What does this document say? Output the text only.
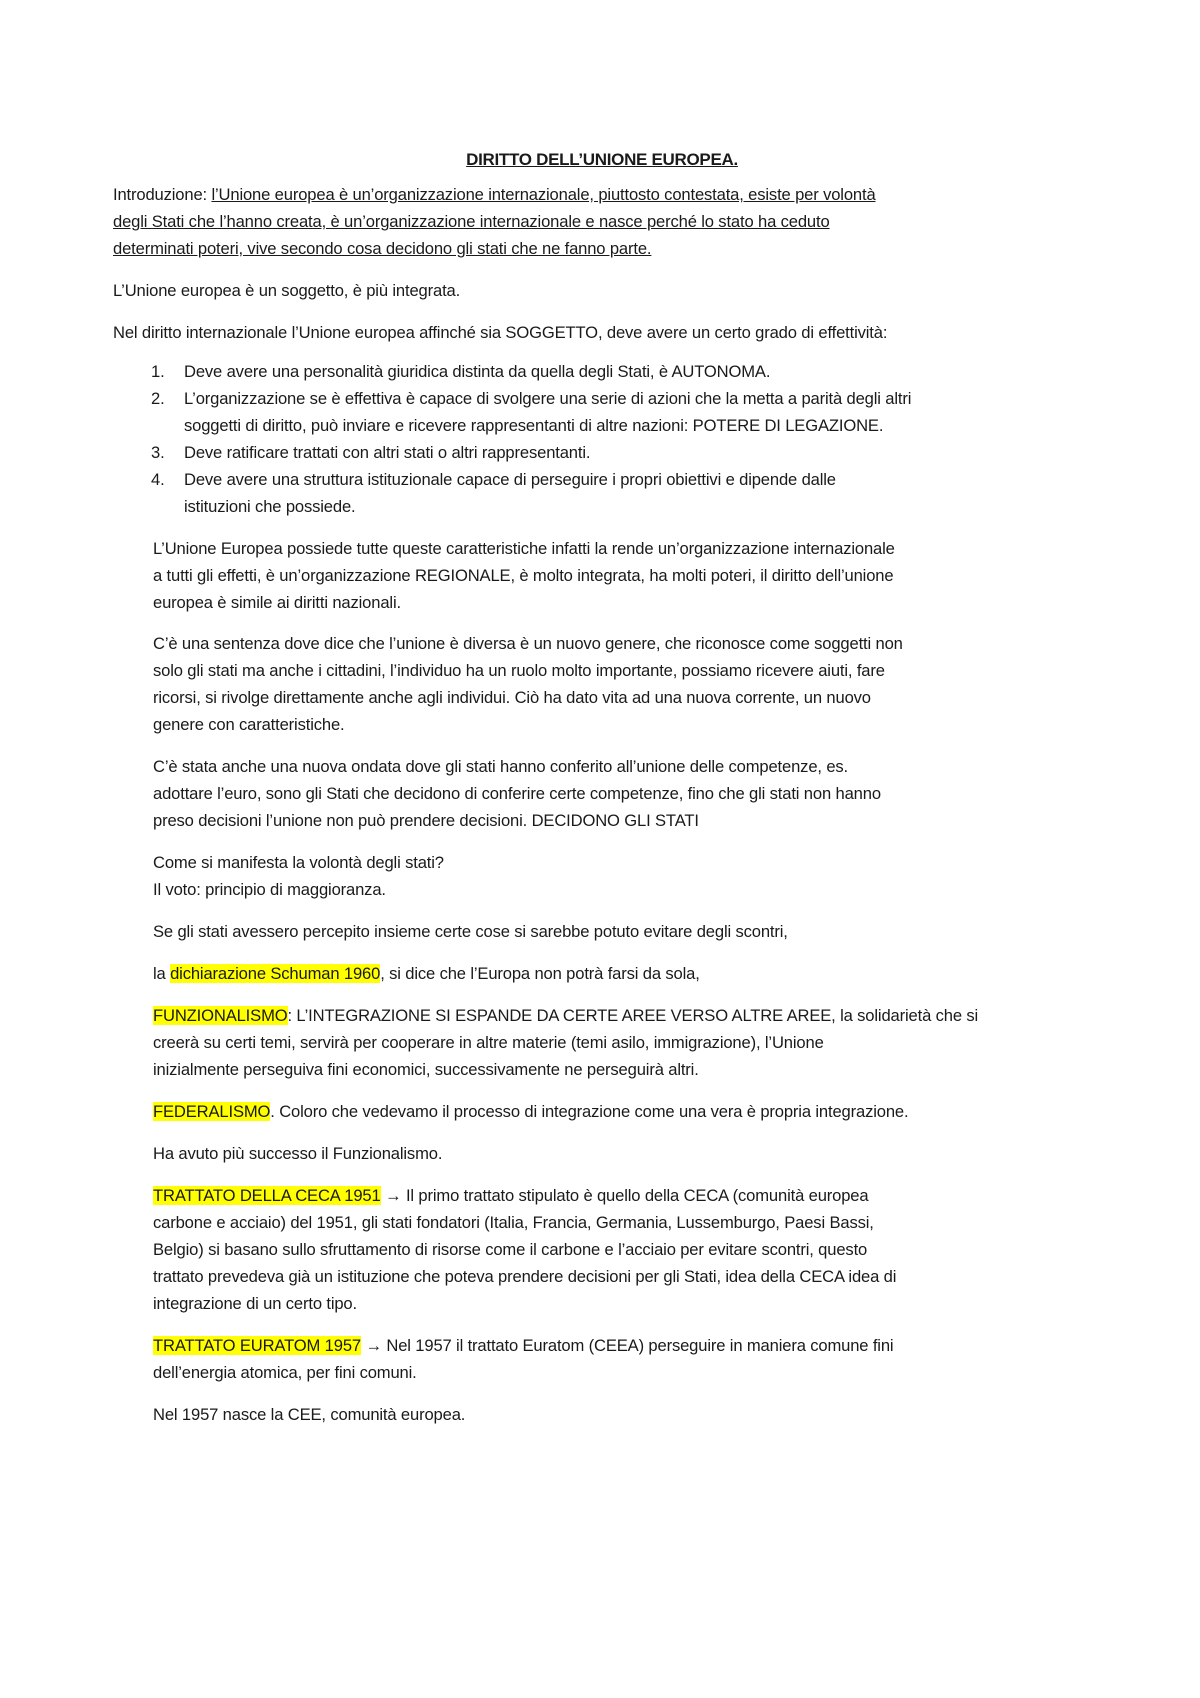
DIRITTO DELL’UNIONE EUROPEA.
Introduzione: l’Unione europea è un’organizzazione internazionale, piuttosto contestata, esiste per volontà
degli Stati che l’hanno creata, è un’organizzazione internazionale e nasce perché lo stato ha ceduto
determinati poteri, vive secondo cosa decidono gli stati che ne fanno parte.
L’Unione europea è un soggetto, è più integrata.
Nel diritto internazionale l’Unione europea affinché sia SOGGETTO, deve avere un certo grado di effettività:
1.	Deve avere una personalità giuridica distinta da quella degli Stati, è AUTONOMA.
2.	L’organizzazione se è effettiva è capace di svolgere una serie di azioni che la metta a parità degli altri
soggetti di diritto, può inviare e ricevere rappresentanti di altre nazioni: POTERE DI LEGAZIONE.
3.	Deve ratificare trattati con altri stati o altri rappresentanti.
4.	Deve avere una struttura istituzionale capace di perseguire i propri obiettivi e dipende dalle
istituzioni che possiede.
L’Unione Europea possiede tutte queste caratteristiche infatti la rende un’organizzazione internazionale
a tutti gli effetti, è un’organizzazione REGIONALE, è molto integrata, ha molti poteri, il diritto dell’unione
europea è simile ai diritti nazionali.
C’è una sentenza dove dice che l’unione è diversa è un nuovo genere, che riconosce come soggetti non
solo gli stati ma anche i cittadini, l’individuo ha un ruolo molto importante, possiamo ricevere aiuti, fare
ricorsi, si rivolge direttamente anche agli individui. Ciò ha dato vita ad una nuova corrente, un nuovo
genere con caratteristiche.
C’è stata anche una nuova ondata dove gli stati hanno conferito all’unione delle competenze, es.
adottare l’euro, sono gli Stati che decidono di conferire certe competenze, fino che gli stati non hanno
preso decisioni l’unione non può prendere decisioni. DECIDONO GLI STATI
Come si manifesta la volontà degli stati?
Il voto: principio di maggioranza.
Se gli stati avessero percepito insieme certe cose si sarebbe potuto evitare degli scontri,
la dichiarazione Schuman 1960, si dice che l’Europa non potrà farsi da sola,
FUNZIONALISMO: L’INTEGRAZIONE SI ESPANDE DA CERTE AREE VERSO ALTRE AREE, la solidarietà che si
creerà su certi temi, servirà per cooperare in altre materie (temi asilo, immigrazione), l’Unione
inizialmente perseguiva fini economici, successivamente ne perseguirà altri.
FEDERALISMO. Coloro che vedevamo il processo di integrazione come una vera è propria integrazione.
Ha avuto più successo il Funzionalismo.
TRATTATO DELLA CECA 1951 → Il primo trattato stipulato è quello della CECA (comunità europea
carbone e acciaio) del 1951, gli stati fondatori (Italia, Francia, Germania, Lussemburgo, Paesi Bassi,
Belgio) si basano sullo sfruttamento di risorse come il carbone e l’acciaio per evitare scontri, questo
trattato prevedeva già un istituzione che poteva prendere decisioni per gli Stati, idea della CECA idea di
integrazione di un certo tipo.
TRATTATO EURATOM 1957 → Nel 1957 il trattato Euratom (CEEA) perseguire in maniera comune fini
dell’energia atomica, per fini comuni.
Nel 1957 nasce la CEE, comunità europea.
